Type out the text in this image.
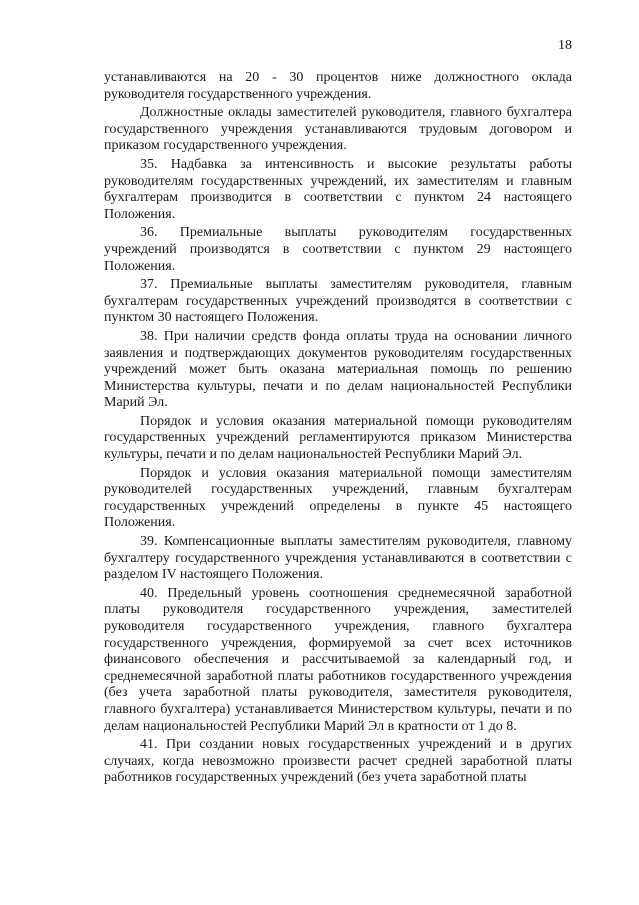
18

устанавливаются на 20 - 30 процентов ниже должностного оклада руководителя государственного учреждения.

Должностные оклады заместителей руководителя, главного бухгалтера государственного учреждения устанавливаются трудовым договором и приказом государственного учреждения.

35. Надбавка за интенсивность и высокие результаты работы руководителям государственных учреждений, их заместителям и главным бухгалтерам производится в соответствии с пунктом 24 настоящего Положения.

36. Премиальные выплаты руководителям государственных учреждений производятся в соответствии с пунктом 29 настоящего Положения.

37. Премиальные выплаты заместителям руководителя, главным бухгалтерам государственных учреждений производятся в соответствии с пунктом 30 настоящего Положения.

38. При наличии средств фонда оплаты труда на основании личного заявления и подтверждающих документов руководителям государственных учреждений может быть оказана материальная помощь по решению Министерства культуры, печати и по делам национальностей Республики Марий Эл.

Порядок и условия оказания материальной помощи руководителям государственных учреждений регламентируются приказом Министерства культуры, печати и по делам национальностей Республики Марий Эл.

Порядок и условия оказания материальной помощи заместителям руководителей государственных учреждений, главным бухгалтерам государственных учреждений определены в пункте 45 настоящего Положения.

39. Компенсационные выплаты заместителям руководителя, главному бухгалтеру государственного учреждения устанавливаются в соответствии с разделом IV настоящего Положения.

40. Предельный уровень соотношения среднемесячной заработной платы руководителя государственного учреждения, заместителей руководителя государственного учреждения, главного бухгалтера государственного учреждения, формируемой за счет всех источников финансового обеспечения и рассчитываемой за календарный год, и среднемесячной заработной платы работников государственного учреждения (без учета заработной платы руководителя, заместителя руководителя, главного бухгалтера) устанавливается Министерством культуры, печати и по делам национальностей Республики Марий Эл в кратности от 1 до 8.

41. При создании новых государственных учреждений и в других случаях, когда невозможно произвести расчет средней заработной платы работников государственных учреждений (без учета заработной платы
